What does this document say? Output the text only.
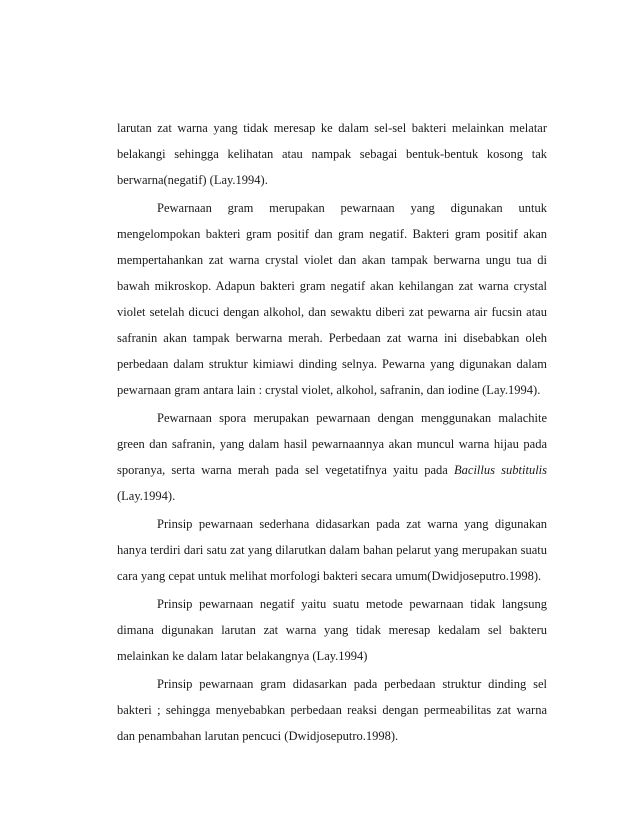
larutan zat warna yang tidak meresap ke dalam sel-sel bakteri melainkan melatar belakangi sehingga kelihatan atau nampak sebagai bentuk-bentuk kosong tak berwarna(negatif) (Lay.1994).

Pewarnaan gram merupakan pewarnaan yang digunakan untuk mengelompokan bakteri gram positif dan gram negatif. Bakteri gram positif akan mempertahankan zat warna crystal violet dan akan tampak berwarna ungu tua di bawah mikroskop. Adapun bakteri gram negatif akan kehilangan zat warna crystal violet setelah dicuci dengan alkohol, dan sewaktu diberi zat pewarna air fucsin atau safranin akan tampak berwarna merah. Perbedaan zat warna ini disebabkan oleh perbedaan dalam struktur kimiawi dinding selnya. Pewarna yang digunakan dalam pewarnaan gram antara lain : crystal violet, alkohol, safranin, dan iodine (Lay.1994).

Pewarnaan spora merupakan pewarnaan dengan menggunakan malachite green dan safranin, yang dalam hasil pewarnaannya akan muncul warna hijau pada sporanya, serta warna merah pada sel vegetatifnya yaitu pada Bacillus subtitulis (Lay.1994).

Prinsip pewarnaan sederhana didasarkan pada zat warna yang digunakan hanya terdiri dari satu zat yang dilarutkan dalam bahan pelarut yang merupakan suatu cara yang cepat untuk melihat morfologi bakteri secara umum(Dwidjoseputro.1998).

Prinsip pewarnaan negatif yaitu suatu metode pewarnaan tidak langsung dimana digunakan larutan zat warna yang tidak meresap kedalam sel bakteru melainkan ke dalam latar belakangnya (Lay.1994)

Prinsip pewarnaan gram didasarkan pada perbedaan struktur dinding sel bakteri ; sehingga menyebabkan perbedaan reaksi dengan permeabilitas zat warna dan penambahan larutan pencuci (Dwidjoseputro.1998).
